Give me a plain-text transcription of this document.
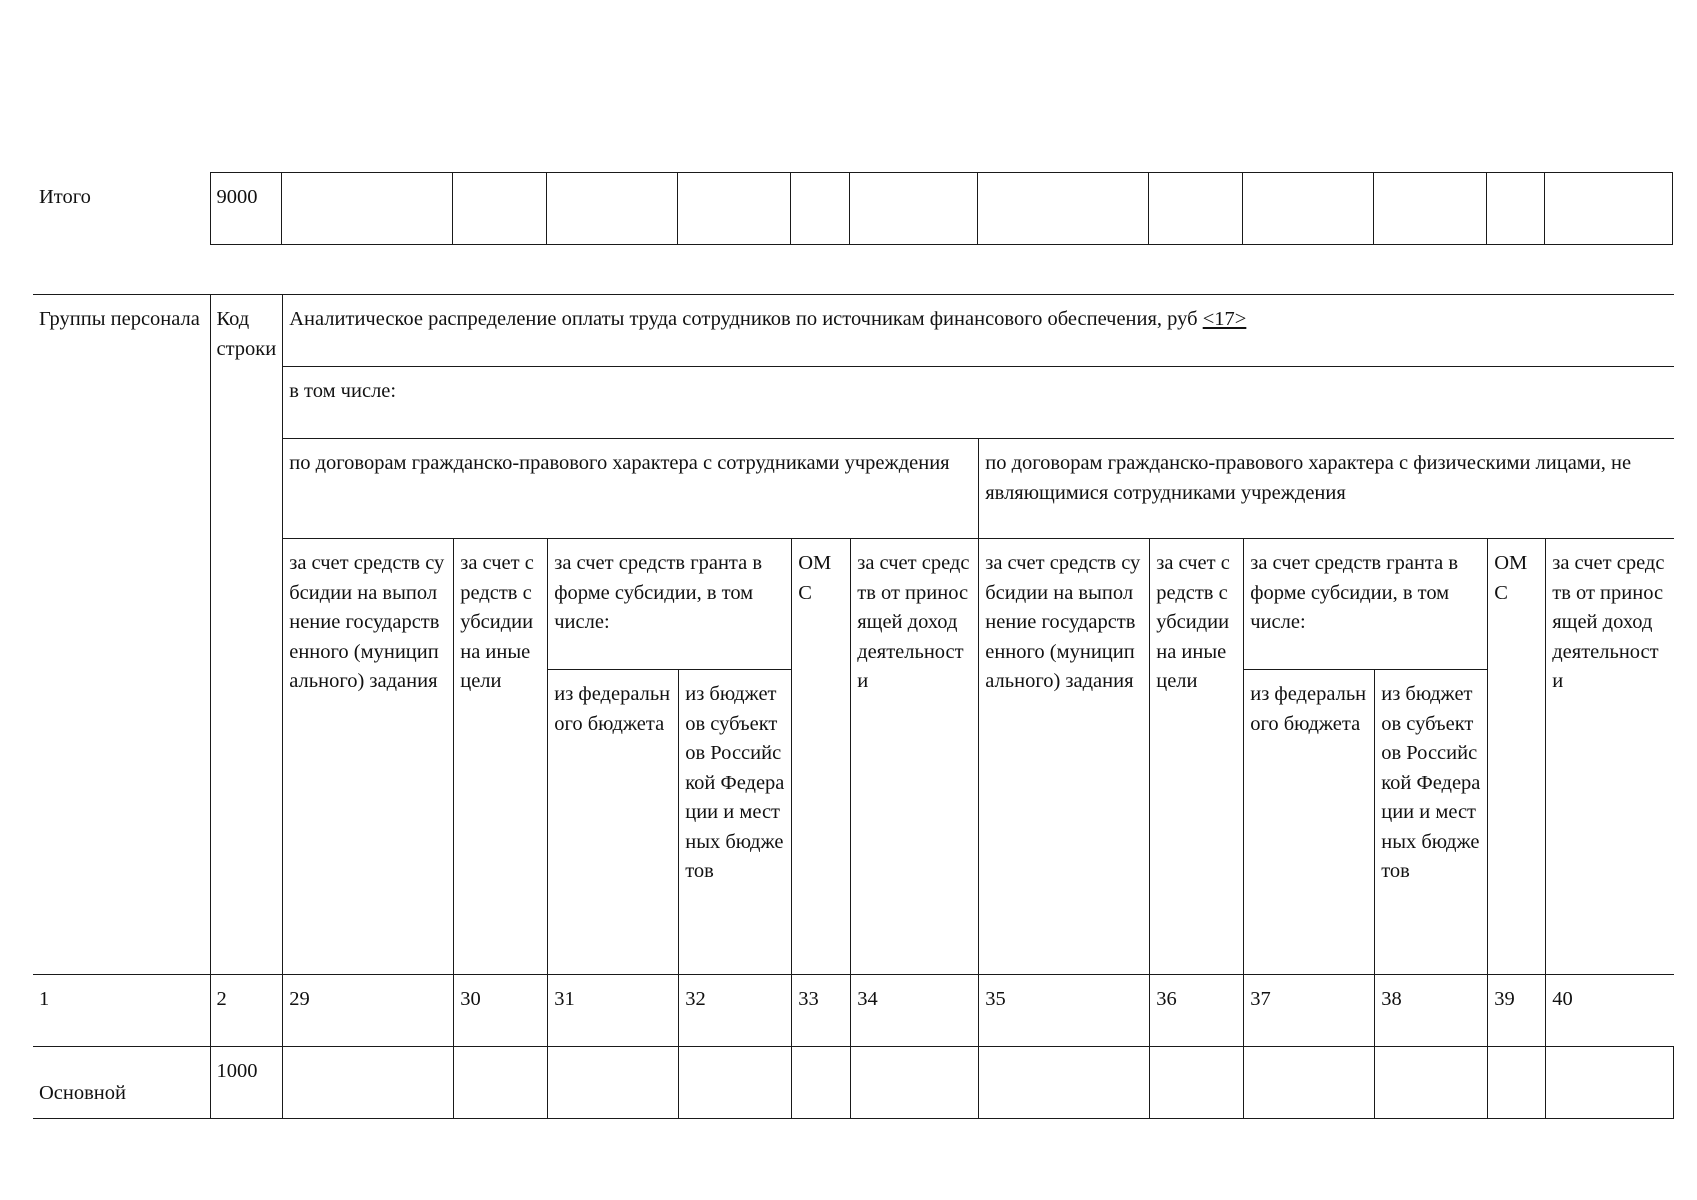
Итого	9000												
Группы персонала	Код строки	Аналитическое распределение оплаты труда сотрудников по источникам финансового обеспечения, руб <17>											
		в том числе:											
		по договорам гражданско-правового характера с сотрудниками учреждения						по договорам гражданско-правового характера с физическими лицами, не являющимися сотрудниками учреждения					
		за счет средств субсидии на выполнение государственного (муниципального) задания	за счет средств субсидии на иные цели	за счет средств гранта в форме субсидии, в том числе:		ОМС	за счет средств от приносящей доход деятельности	за счет средств субсидии на выполнение государственного (муниципального) задания	за счет средств субсидии на иные цели	за счет средств гранта в форме субсидии, в том числе:		ОМС	за счет средств от приносящей доход деятельности
				из федерального бюджета	из бюджетов субъектов Российской Федерации и местных бюджетов					из федерального бюджета	из бюджетов субъектов Российской Федерации и местных бюджетов		

1	2	29	30	31	32	33	34	35	36	37	38	39	40
Основной	1000												
